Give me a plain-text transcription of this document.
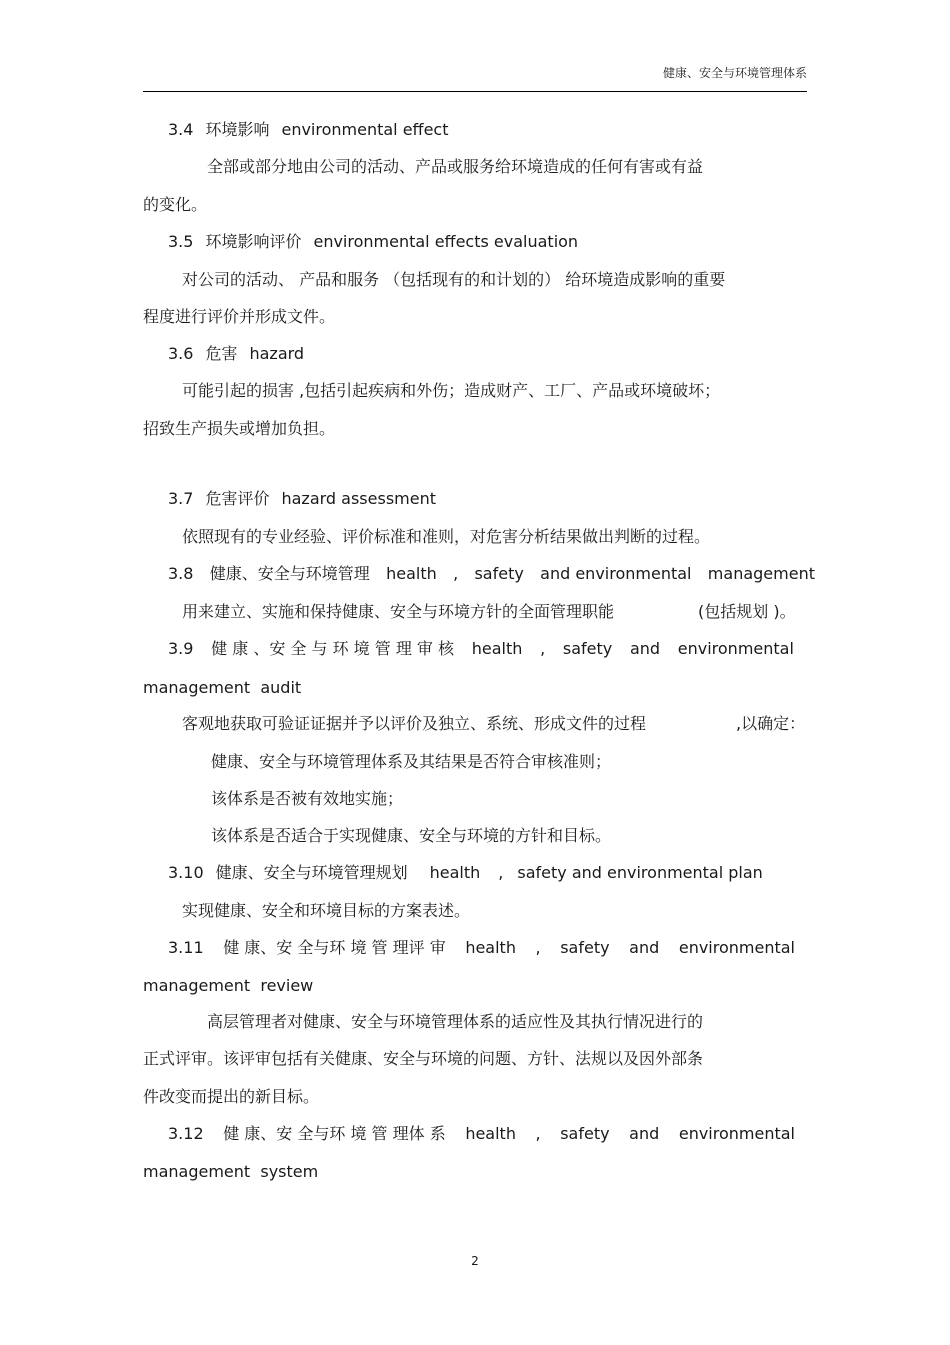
健康、安全与环境管理体系
3.4 环境影响 environmental effect
全部或部分地由公司的活动、产品或服务给环境造成的任何有害或有益
的变化。
3.5 环境影响评价 environmental effects evaluation
对公司的活动、 产品和服务 （包括现有的和计划的） 给环境造成影响的重要
程度进行评价并形成文件。
3.6 危害 hazard
可能引起的损害 ,包括引起疾病和外伤；造成财产、工厂、产品或环境破坏；
招致生产损失或增加负担。
3.7 危害评价 hazard assessment
依照现有的专业经验、评价标准和准则，对危害分析结果做出判断的过程。
3.8 健康、安全与环境管理 health , safety and environmental management
用来建立、实施和保持健康、安全与环境方针的全面管理职能	(包括规划 )。
3.9 健 康 、安 全 与 环 境 管 理 审 核 health , safety and environmental
management  audit
客观地获取可验证证据并予以评价及独立、系统、形成文件的过程	,以确定：
健康、安全与环境管理体系及其结果是否符合审核准则；
该体系是否被有效地实施；
该体系是否适合于实现健康、安全与环境的方针和目标。
3.10 健康、安全与环境管理规划 health , safety and environmental plan
实现健康、安全和环境目标的方案表述。
3.11 健 康、安 全与环 境 管 理评 审 health , safety and environmental
management  review
高层管理者对健康、安全与环境管理体系的适应性及其执行情况进行的
正式评审。该评审包括有关健康、安全与环境的问题、方针、法规以及因外部条
件改变而提出的新目标。
3.12 健 康、安 全与环 境 管 理体 系 health , safety and environmental
management  system
2
